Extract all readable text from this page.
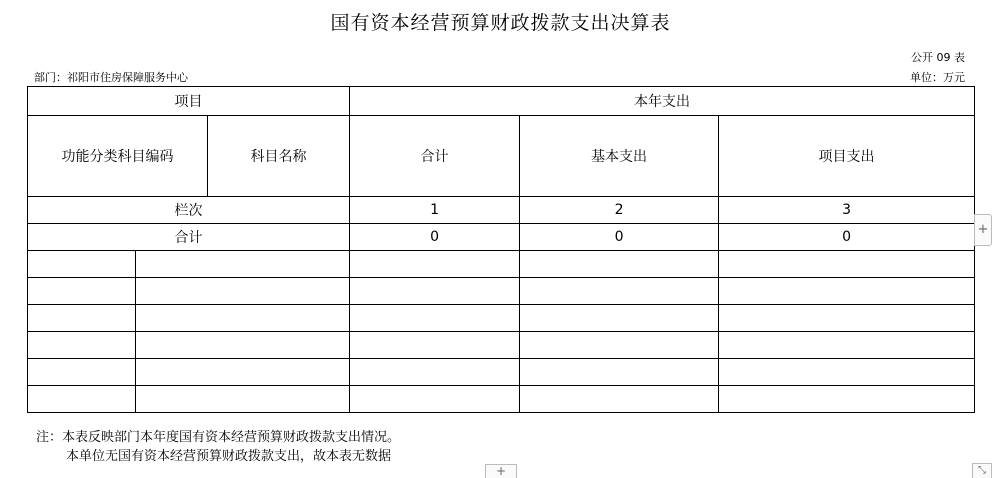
国有资本经营预算财政拨款支出决算表
公开 09 表
部门：祁阳市住房保障服务中心	单位：万元
项目			本年支出		
功能分类科目编码		科目名称	合计	基本支出	项目支出
栏次			1	2	3
合计			0	0	0

注：本表反映部门本年度国有资本经营预算财政拨款支出情况。
本单位无国有资本经营预算财政拨款支出，故本表无数据
+
+	⤡
